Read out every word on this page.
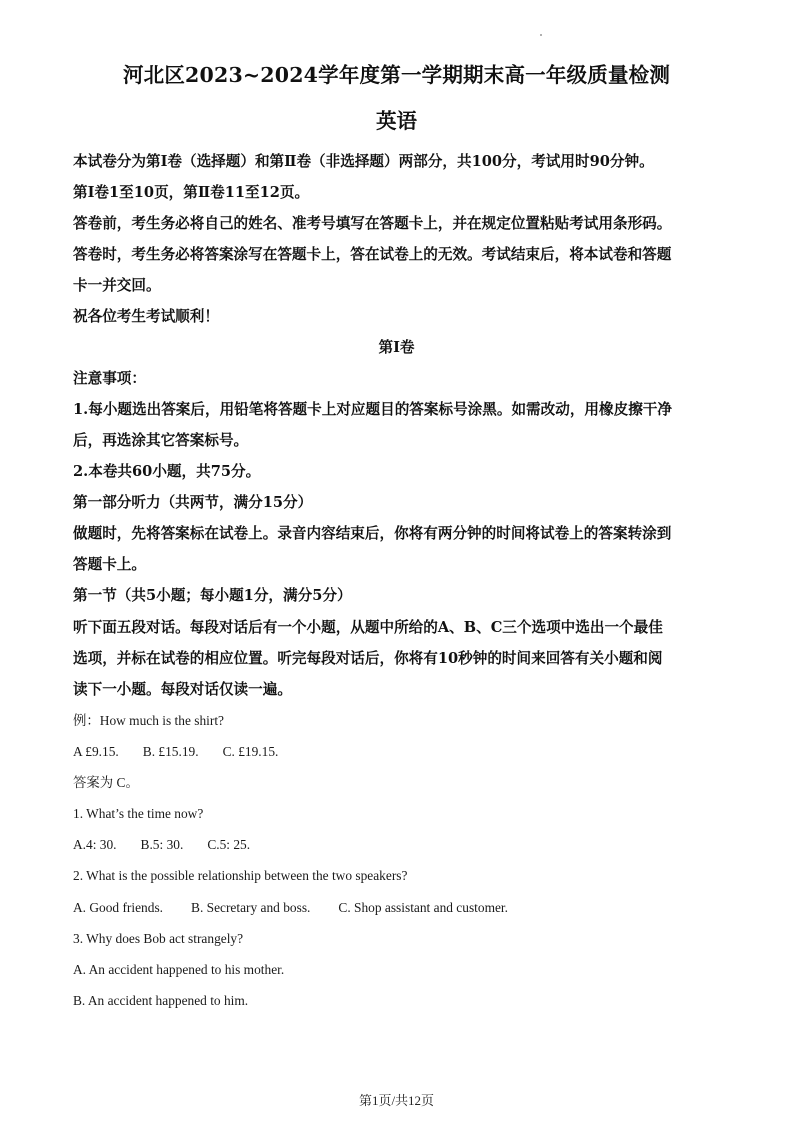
河北区2023~2024学年度第一学期期末高一年级质量检测
英语
本试卷分为第Ⅰ卷（选择题）和第Ⅱ卷（非选择题）两部分，共100分，考试用时90分钟。
第Ⅰ卷1至10页，第Ⅱ卷11至12页。
答卷前，考生务必将自己的姓名、准考号填写在答题卡上，并在规定位置粘贴考试用条形码。
答卷时，考生务必将答案涂写在答题卡上，答在试卷上的无效。考试结束后，将本试卷和答题
卡一并交回。
祝各位考生考试顺利！
第Ⅰ卷
注意事项：
1.每小题选出答案后，用铅笔将答题卡上对应题目的答案标号涂黑。如需改动，用橡皮擦干净
后，再选涂其它答案标号。
2.本卷共60小题，共75分。
第一部分听力（共两节，满分15分）
做题时，先将答案标在试卷上。录音内容结束后，你将有两分钟的时间将试卷上的答案转涂到
答题卡上。
第一节（共5小题；每小题1分，满分5分）
听下面五段对话。每段对话后有一个小题，从题中所给的A、B、C三个选项中选出一个最佳
选项，并标在试卷的相应位置。听完每段对话后，你将有10秒钟的时间来回答有关小题和阅
读下一小题。每段对话仅读一遍。
例：How much is the shirt?
A £9.15. B. £15.19. C. £19.15.
答案为 C。
1. What’s the time now?
A.4: 30. B.5: 30. C.5: 25.
2. What is the possible relationship between the two speakers?
A. Good friends. B. Secretary and boss. C. Shop assistant and customer.
3. Why does Bob act strangely?
A. An accident happened to his mother.
B. An accident happened to him.
第1页/共12页
